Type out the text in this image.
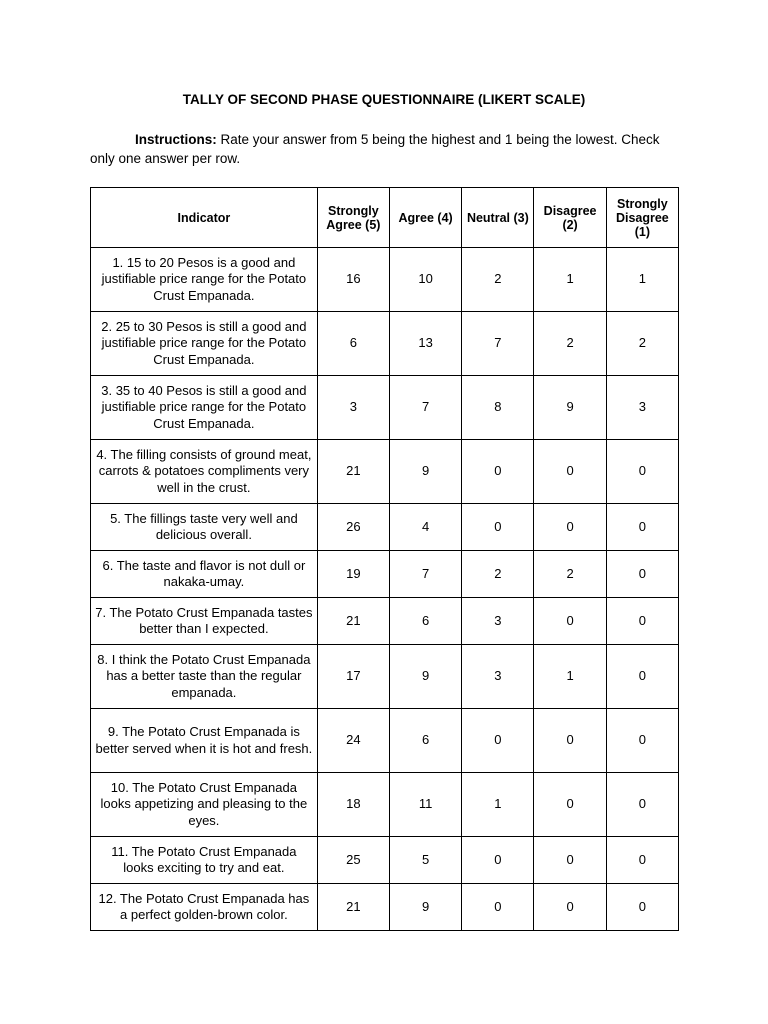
TALLY OF SECOND PHASE QUESTIONNAIRE (LIKERT SCALE)
Instructions: Rate your answer from 5 being the highest and 1 being the lowest. Check only one answer per row.
Indicator	Strongly Agree (5)	Agree (4)	Neutral (3)	Disagree (2)	Strongly Disagree (1)
1. 15 to 20 Pesos is a good and justifiable price range for the Potato Crust Empanada.	16	10	2	1	1
2. 25 to 30 Pesos is still a good and justifiable price range for the Potato Crust Empanada.	6	13	7	2	2
3. 35 to 40 Pesos is still a good and justifiable price range for the Potato Crust Empanada.	3	7	8	9	3
4. The filling consists of ground meat, carrots & potatoes compliments very well in the crust.	21	9	0	0	0
5. The fillings taste very well and delicious overall.	26	4	0	0	0
6. The taste and flavor is not dull or nakaka-umay.	19	7	2	2	0
7. The Potato Crust Empanada tastes better than I expected.	21	6	3	0	0
8. I think the Potato Crust Empanada has a better taste than the regular empanada.	17	9	3	1	0
9. The Potato Crust Empanada is better served when it is hot and fresh.	24	6	0	0	0
10. The Potato Crust Empanada looks appetizing and pleasing to the eyes.	18	11	1	0	0
11. The Potato Crust Empanada looks exciting to try and eat.	25	5	0	0	0
12. The Potato Crust Empanada has a perfect golden-brown color.	21	9	0	0	0
